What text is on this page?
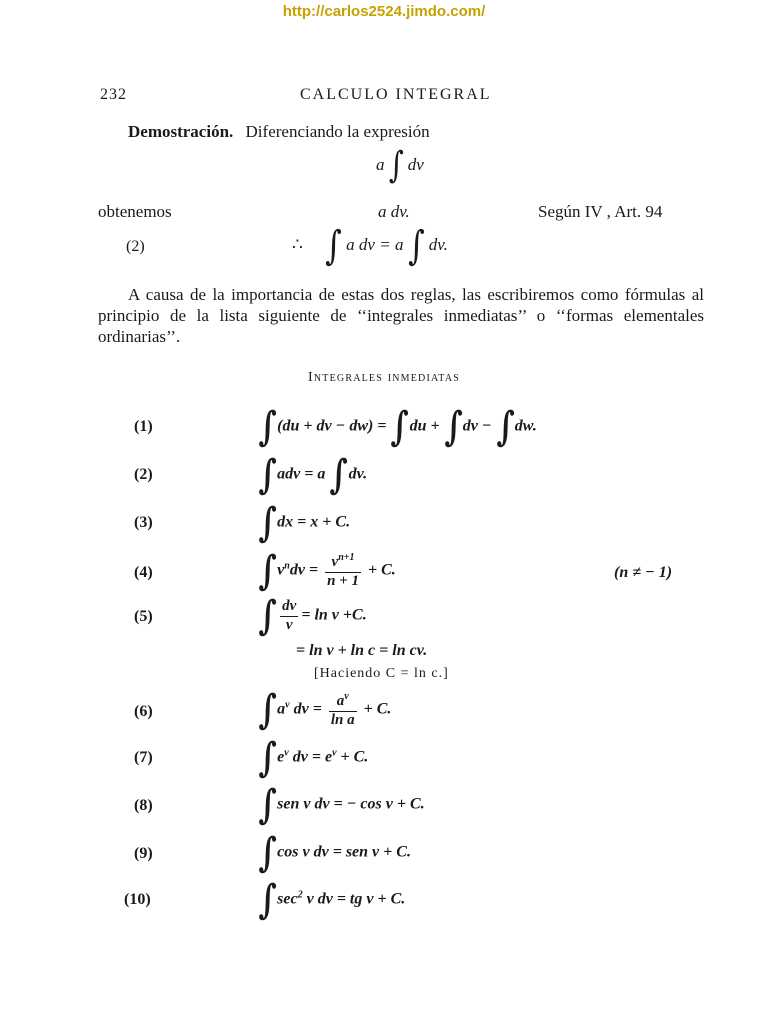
http://carlos2524.jimdo.com/
232	CALCULO INTEGRAL
Demostración. Diferenciando la expresión
a ∫ dv
obtenemos	a dv.	Según IV , Art. 94
(2)	∴ ∫ a dv = a ∫ dv.
A causa de la importancia de estas dos reglas, las escribiremos como fórmulas al principio de la lista siguiente de ‘‘integrales inmediatas’’ o ‘‘formas elementales ordinarias’’.
Integrales inmediatas
(1)	∫(du + dv − dw) = ∫du + ∫dv − ∫dw.
(2)	∫adv = a ∫dv.
(3)	∫dx = x + C.
(4)	$\int v^ndv = \frac{v^{n+1}}{n + 1} + C$.	(n ≠ − 1)
(5)	∫ $\frac{dv}{v} = \ln v +C$.
= ln v + ln c = ln cv.
[Haciendo C = ln c.]
(6)	$\int a^v$ dv = $\frac{a^v}{\text{ln a}} + C$.
(7)	$\int e^v$ dv = $e^v + C$.
(8)	∫sen v dv = − cos v + C.
(9)	∫cos v dv = sen v + C.
(10)	$\int\sec^2$ v dv = tg v + C.
